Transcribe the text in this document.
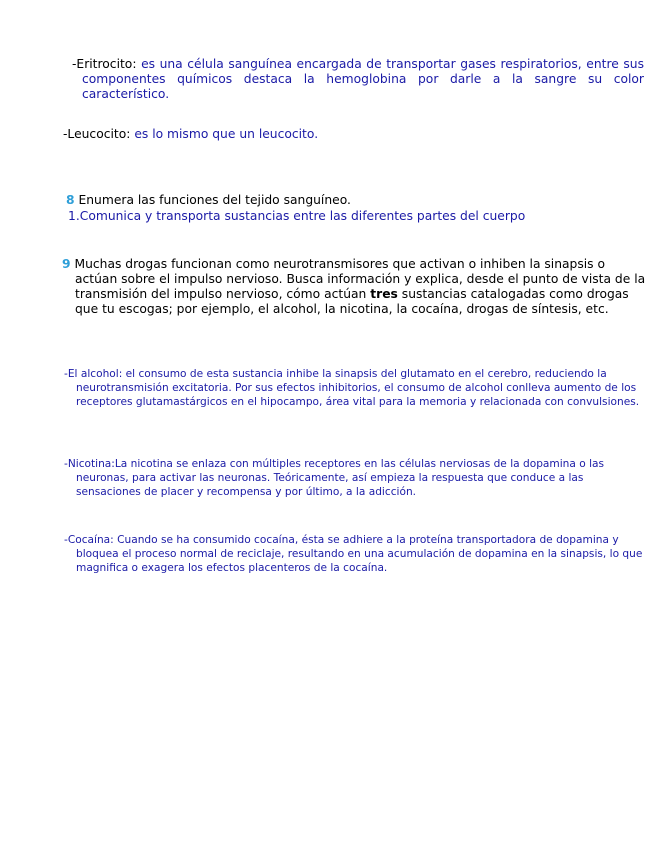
-Eritrocito: es una célula sanguínea encargada de transportar gases respiratorios, entre sus componentes químicos destaca la hemoglobina por darle a la sangre su color característico.
-Leucocito: es lo mismo que un leucocito.
8 Enumera las funciones del tejido sanguíneo.
1.Comunica y transporta sustancias entre las diferentes partes del cuerpo
9 Muchas drogas funcionan como neurotransmisores que activan o inhiben la sinapsis o actúan sobre el impulso nervioso. Busca información y explica, desde el punto de vista de la transmisión del impulso nervioso, cómo actúan tres sustancias catalogadas como drogas que tu escogas; por ejemplo, el alcohol, la nicotina, la cocaína, drogas de síntesis, etc.
-El alcohol: el consumo de esta sustancia inhibe la sinapsis del glutamato en el cerebro, reduciendo la neurotransmisión excitatoria. Por sus efectos inhibitorios, el consumo de alcohol conlleva aumento de los receptores glutamastárgicos en el hipocampo, área vital para la memoria y relacionada con convulsiones.
-Nicotina:La nicotina se enlaza con múltiples receptores en las células nerviosas de la dopamina o las neuronas, para activar las neuronas. Teóricamente, así empieza la respuesta que conduce a las sensaciones de placer y recompensa y por último, a la adicción.
-Cocaína: Cuando se ha consumido cocaína, ésta se adhiere a la proteína transportadora de dopamina y bloquea el proceso normal de reciclaje, resultando en una acumulación de dopamina en la sinapsis, lo que magnifica o exagera los efectos placenteros de la cocaína.
